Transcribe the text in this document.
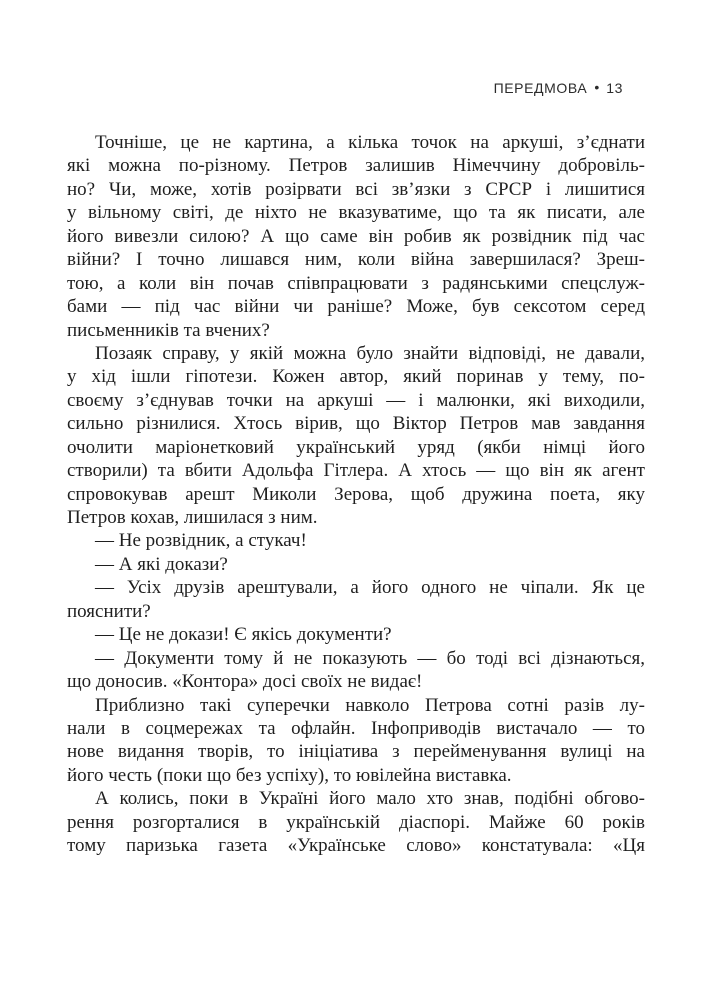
ПЕРЕДМОВА • 13
Точніше, це не картина, а кілька точок на аркуші, з’єднати
які можна по-різному. Петров залишив Німеччину добровіль-
но? Чи, може, хотів розірвати всі зв’язки з СРСР і лишитися
у вільному світі, де ніхто не вказуватиме, що та як писати, але
його вивезли силою? А що саме він робив як розвідник під час
війни? І точно лишався ним, коли війна завершилася? Зреш-
тою, а коли він почав співпрацювати з радянськими спецслуж-
бами — під час війни чи раніше? Може, був сексотом серед
письменників та вчених?
Позаяк справу, у якій можна було знайти відповіді, не давали,
у хід ішли гіпотези. Кожен автор, який поринав у тему, по-
своєму з’єднував точки на аркуші — і малюнки, які виходили,
сильно різнилися. Хтось вірив, що Віктор Петров мав завдання
очолити маріонетковий український уряд (якби німці його
створили) та вбити Адольфа Гітлера. А хтось — що він як агент
спровокував арешт Миколи Зерова, щоб дружина поета, яку
Петров кохав, лишилася з ним.
— Не розвідник, а стукач!
— А які докази?
— Усіх друзів арештували, а його одного не чіпали. Як це
пояснити?
— Це не докази! Є якісь документи?
— Документи тому й не показують — бо тоді всі дізнаються,
що доносив. «Контора» досі своїх не видає!
Приблизно такі суперечки навколо Петрова сотні разів лу-
нали в соцмережах та офлайн. Інфоприводів вистачало — то
нове видання творів, то ініціатива з перейменування вулиці на
його честь (поки що без успіху), то ювілейна виставка.
А колись, поки в Україні його мало хто знав, подібні обгово-
рення розгорталися в українській діаспорі. Майже 60 років
тому паризька газета «Українське слово» констатувала: «Ця
